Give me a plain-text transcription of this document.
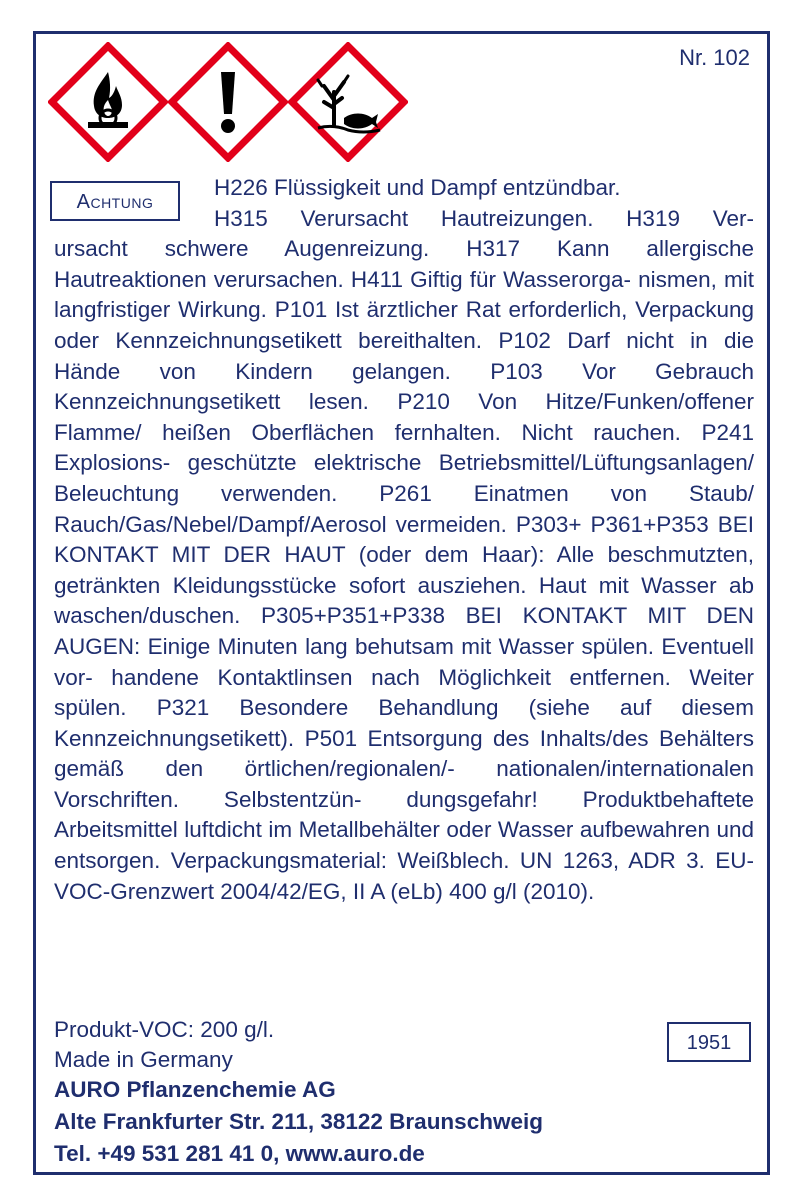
Nr. 102
Achtung
H226 Flüssigkeit und Dampf entzündbar.
H315 Verursacht Hautreizungen. H319 Ver-
ursacht schwere Augenreizung. H317 Kann allergische Hautreaktionen verursachen. H411 Giftig für Wasserorga- nismen, mit langfristiger Wirkung. P101 Ist ärztlicher Rat erforderlich, Verpackung oder Kennzeichnungsetikett bereithalten. P102 Darf nicht in die Hände von Kindern gelangen. P103 Vor Gebrauch Kennzeichnungsetikett lesen. P210 Von Hitze/Funken/offener Flamme/ heißen Oberflächen fernhalten. Nicht rauchen. P241 Explosions- geschützte elektrische Betriebsmittel/Lüftungsanlagen/ Beleuchtung verwenden. P261 Einatmen von Staub/ Rauch/Gas/Nebel/Dampf/Aerosol vermeiden. P303+ P361+P353 BEI KONTAKT MIT DER HAUT (oder dem Haar): Alle beschmutzten, getränkten Kleidungsstücke sofort ausziehen. Haut mit Wasser ab waschen/duschen. P305+P351+P338 BEI KONTAKT MIT DEN AUGEN: Einige Minuten lang behutsam mit Wasser spülen. Eventuell vor- handene Kontaktlinsen nach Möglichkeit entfernen. Weiter spülen. P321 Besondere Behandlung (siehe auf diesem Kennzeichnungsetikett). P501 Entsorgung des Inhalts/des Behälters gemäß den örtlichen/regionalen/- nationalen/internationalen Vorschriften. Selbstentzün- dungsgefahr! Produktbehaftete Arbeitsmittel luftdicht im Metallbehälter oder Wasser aufbewahren und entsorgen. Verpackungsmaterial: Weißblech. UN 1263, ADR 3. EU-VOC-Grenzwert 2004/42/EG, II A (eLb) 400 g/l (2010).
Produkt-VOC: 200 g/l.
Made in Germany
1951
AURO Pflanzenchemie AG
Alte Frankfurter Str. 211, 38122 Braunschweig
Tel. +49 531 281 41 0, www.auro.de
